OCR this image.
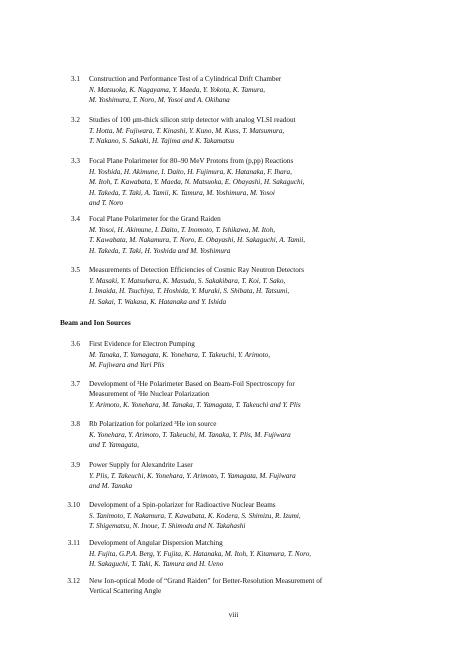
3.1 Construction and Performance Test of a Cylindrical Drift Chamber
N. Matsuoka, K. Nagayama, Y. Maeda, Y. Yokota, K. Tamura,
M. Yoshimura, T. Noro, M. Yosoi and A. Okihana
3.2 Studies of 100 μm-thick silicon strip detector with analog VLSI readout
T. Hotta, M. Fujiwara, T. Kinashi, Y. Kuno, M. Kuss, T. Matsumura,
T. Nakano, S. Sakaki, H. Tajima and K. Takamatsu
3.3 Focal Plane Polarimeter for 80–90 MeV Protons from (p,pp) Reactions
H. Yoshida, H. Akimune, I. Daito, H. Fujimura, K. Hatanaka, F. Ihara,
M. Itoh, T. Kawabata, Y. Maeda, N. Matsuoka, E. Obayashi, H. Sakaguchi,
H. Takeda, T. Taki, A. Tamii, K. Tamura, M. Yoshimura, M. Yosoi
and T. Noro
3.4 Focal Plane Polarimeter for the Grand Raiden
M. Yosoi, H. Akimune, I. Daito, T. Inomoto, T. Ishikawa, M. Itoh,
T. Kawabata, M. Nakamura, T. Noro, E. Obayashi, H. Sakaguchi, A. Tamii,
H. Takeda, T. Taki, H. Yoshida and M. Yoshimura
3.5 Measurements of Detection Efficiencies of Cosmic Ray Neutron Detectors
Y. Masaki, Y. Matsuhara, K. Masuda, S. Sakakibara, T. Koi, T. Sako,
I. Imaida, H. Tsuchiya, T. Hoshida, Y. Muraki, S. Shibata, H. Tatsumi,
H. Sakai, T. Wakasa, K. Hatanaka and Y. Ishida
Beam and Ion Sources
3.6 First Evidence for Electron Pumping
M. Tanaka, T. Yamagata, K. Yonehara, T. Takeuchi, Y. Arimoto,
M. Fujiwara and Yuri Plis
3.7 Development of ³He Polarimeter Based on Beam-Foil Spectroscopy for
Measurement of ³He Nuclear Polarization
Y. Arimoto, K. Yonehara, M. Tanaka, T. Yamagata, T. Takeuchi and Y. Plis
3.8 Rb Polarization for polarized ³He ion source
K. Yonehara, Y. Arimoto, T. Takeuchi, M. Tanaka, Y. Plis, M. Fujiwara
and T. Yamagata,
3.9 Power Supply for Alexandrite Laser
Y. Plis, T. Takeuchi, K. Yonehara, Y. Arimoto, T. Yamagata, M. Fujiwara
and M. Tanaka
3.10 Development of a Spin-polarizer for Radioactive Nuclear Beams
S. Tanimoto, T. Nakamura, T. Kawabata, K. Kodera, S. Shimizu, R. Izumi,
T. Shigematsu, N. Inoue, T. Shimoda and N. Takahashi
3.11 Development of Angular Dispersion Matching
H. Fujita, G.P.A. Berg, Y. Fujita, K. Hatanaka, M. Itoh, Y. Kitamura, T. Noro,
H. Sakaguchi, T. Taki, K. Tamura and H. Ueno
3.12 New Ion-optical Mode of “Grand Raiden” for Better-Resolution Measurement of
Vertical Scattering Angle
viii
